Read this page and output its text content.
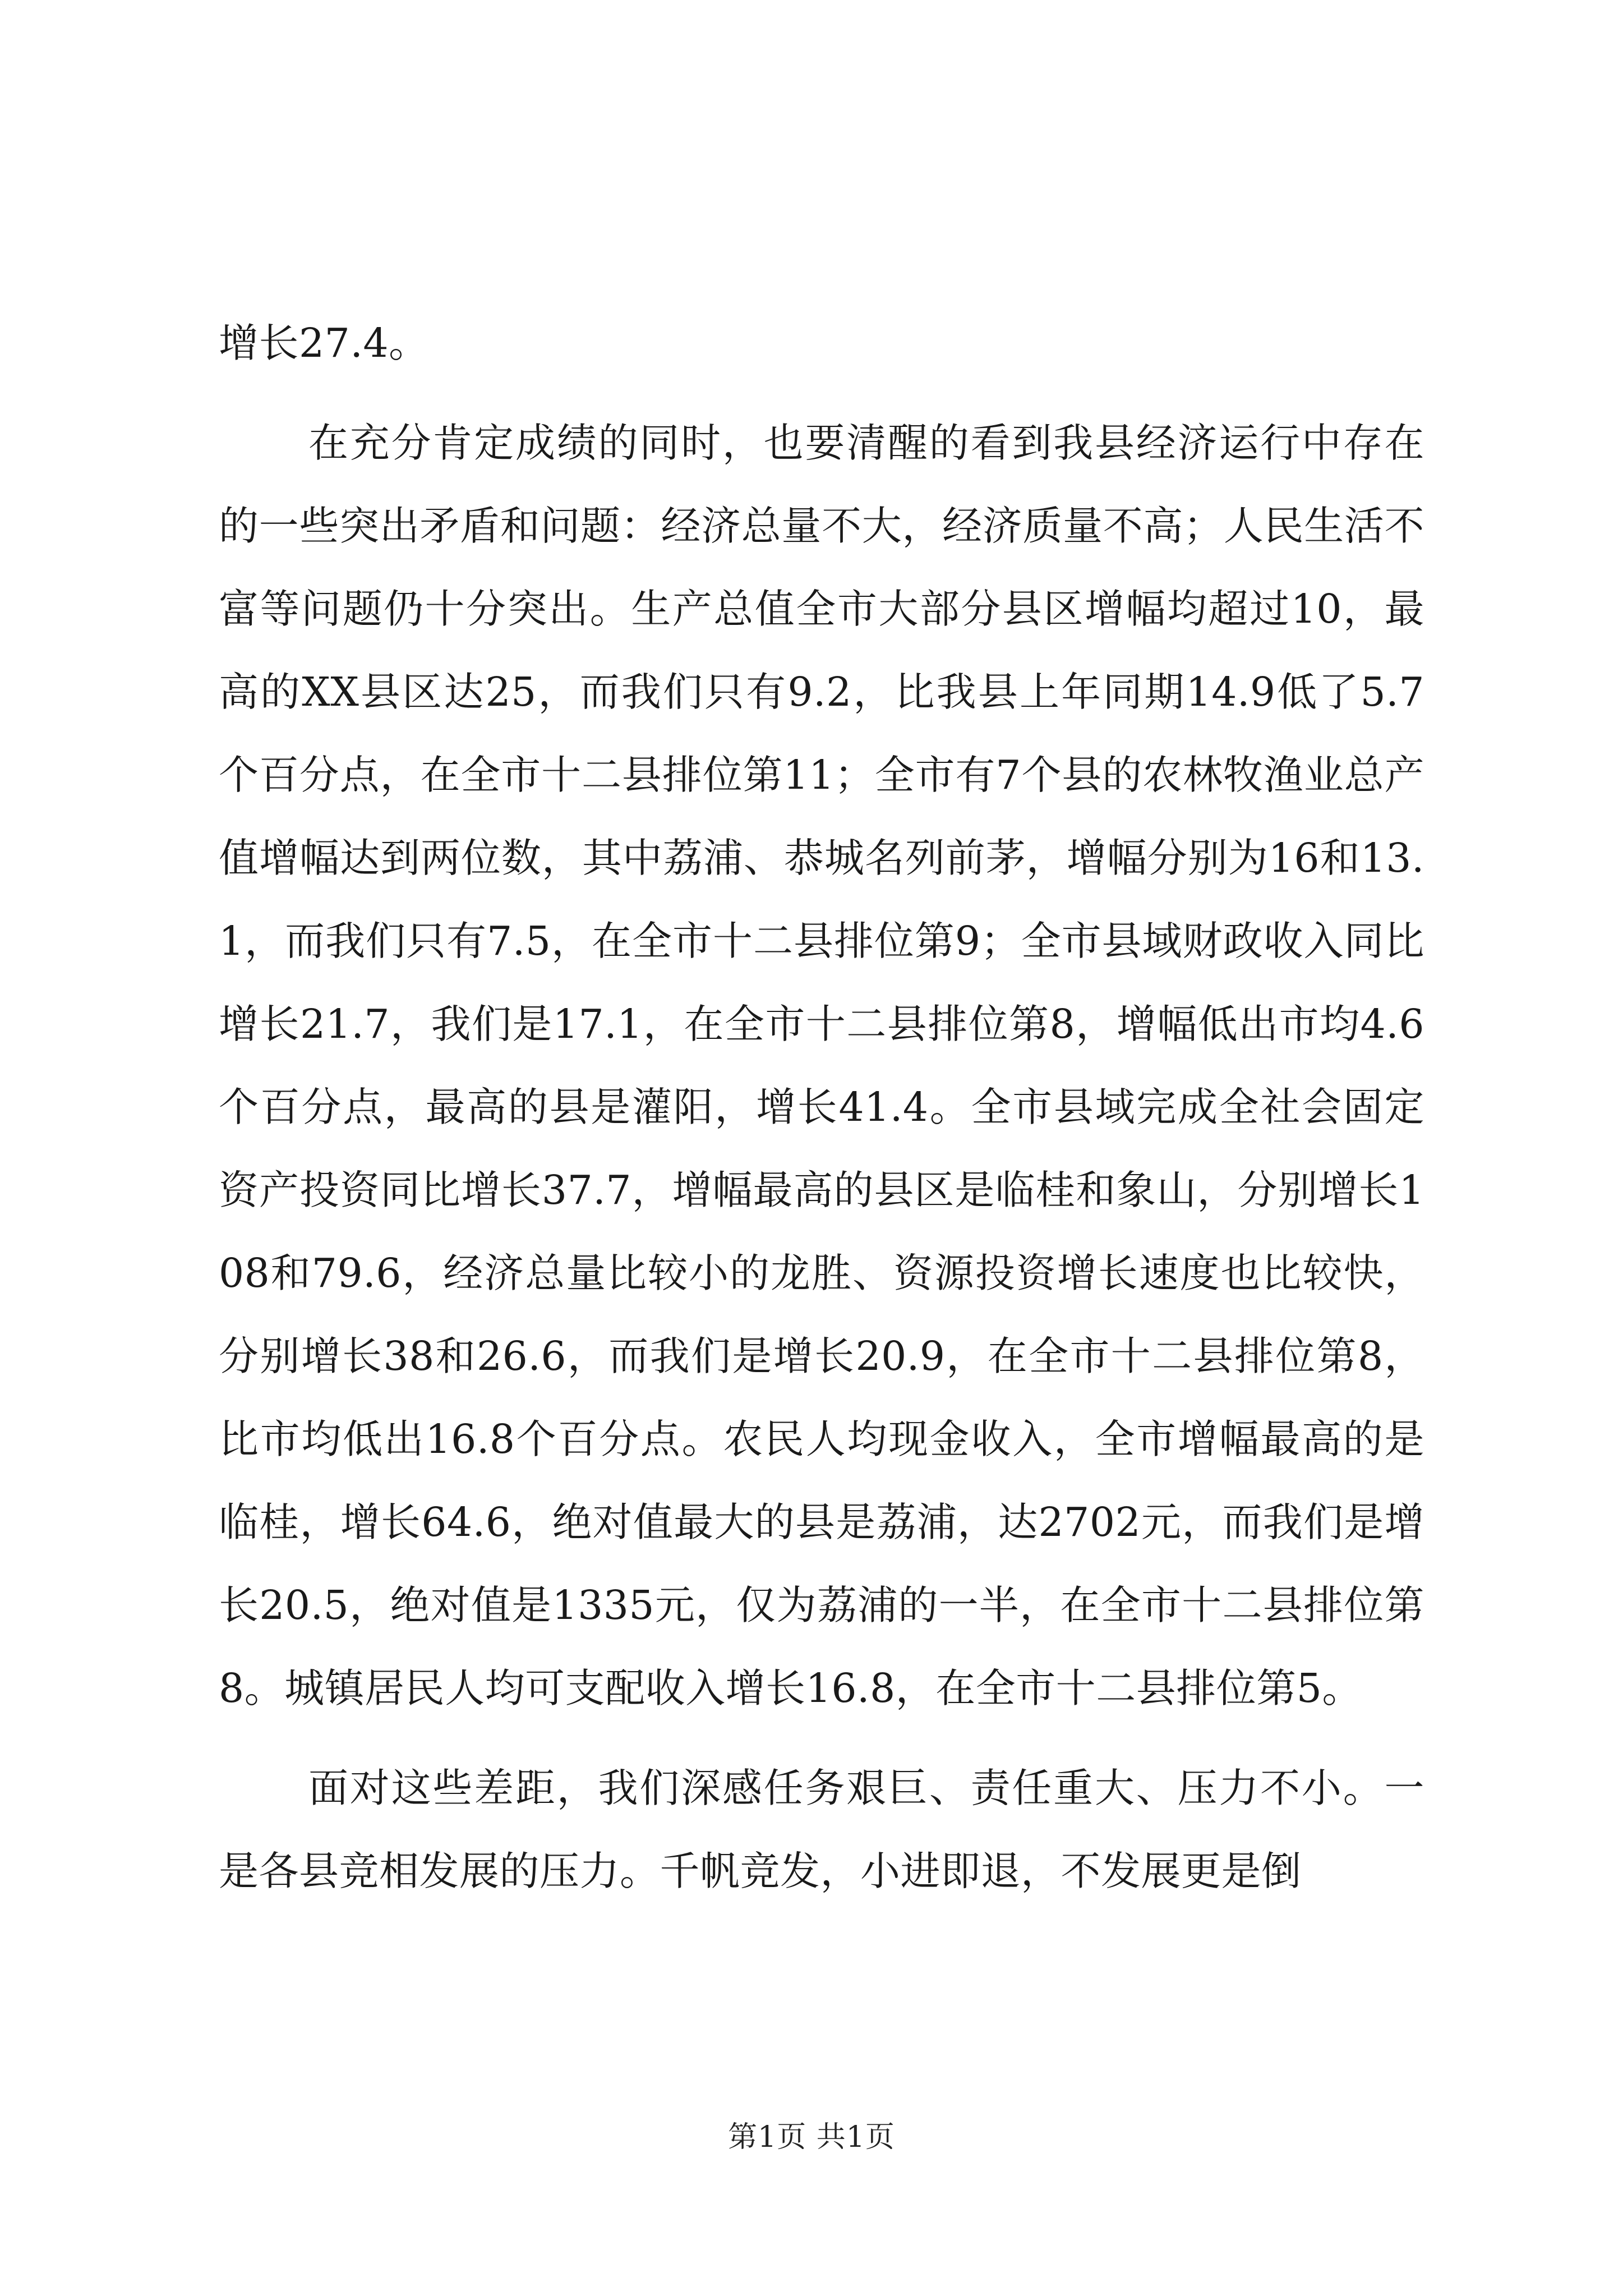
增长27.4。

在充分肯定成绩的同时，也要清醒的看到我县经济运行中存在的一些突出矛盾和问题：经济总量不大，经济质量不高；人民生活不富等问题仍十分突出。生产总值全市大部分县区增幅均超过10，最高的XX县区达25，而我们只有9.2，比我县上年同期14.9低了5.7个百分点，在全市十二县排位第11；全市有7个县的农林牧渔业总产值增幅达到两位数，其中荔浦、恭城名列前茅，增幅分别为16和13.1，而我们只有7.5，在全市十二县排位第9；全市县域财政收入同比增长21.7，我们是17.1，在全市十二县排位第8，增幅低出市均4.6个百分点，最高的县是灌阳，增长41.4。全市县域完成全社会固定资产投资同比增长37.7，增幅最高的县区是临桂和象山，分别增长108和79.6，经济总量比较小的龙胜、资源投资增长速度也比较快，分别增长38和26.6，而我们是增长20.9，在全市十二县排位第8，比市均低出16.8个百分点。农民人均现金收入，全市增幅最高的是临桂，增长64.6，绝对值最大的县是荔浦，达2702元，而我们是增长20.5，绝对值是1335元，仅为荔浦的一半，在全市十二县排位第8。城镇居民人均可支配收入增长16.8，在全市十二县排位第5。

面对这些差距，我们深感任务艰巨、责任重大、压力不小。一是各县竞相发展的压力。千帆竞发，小进即退，不发展更是倒

第1页 共1页
